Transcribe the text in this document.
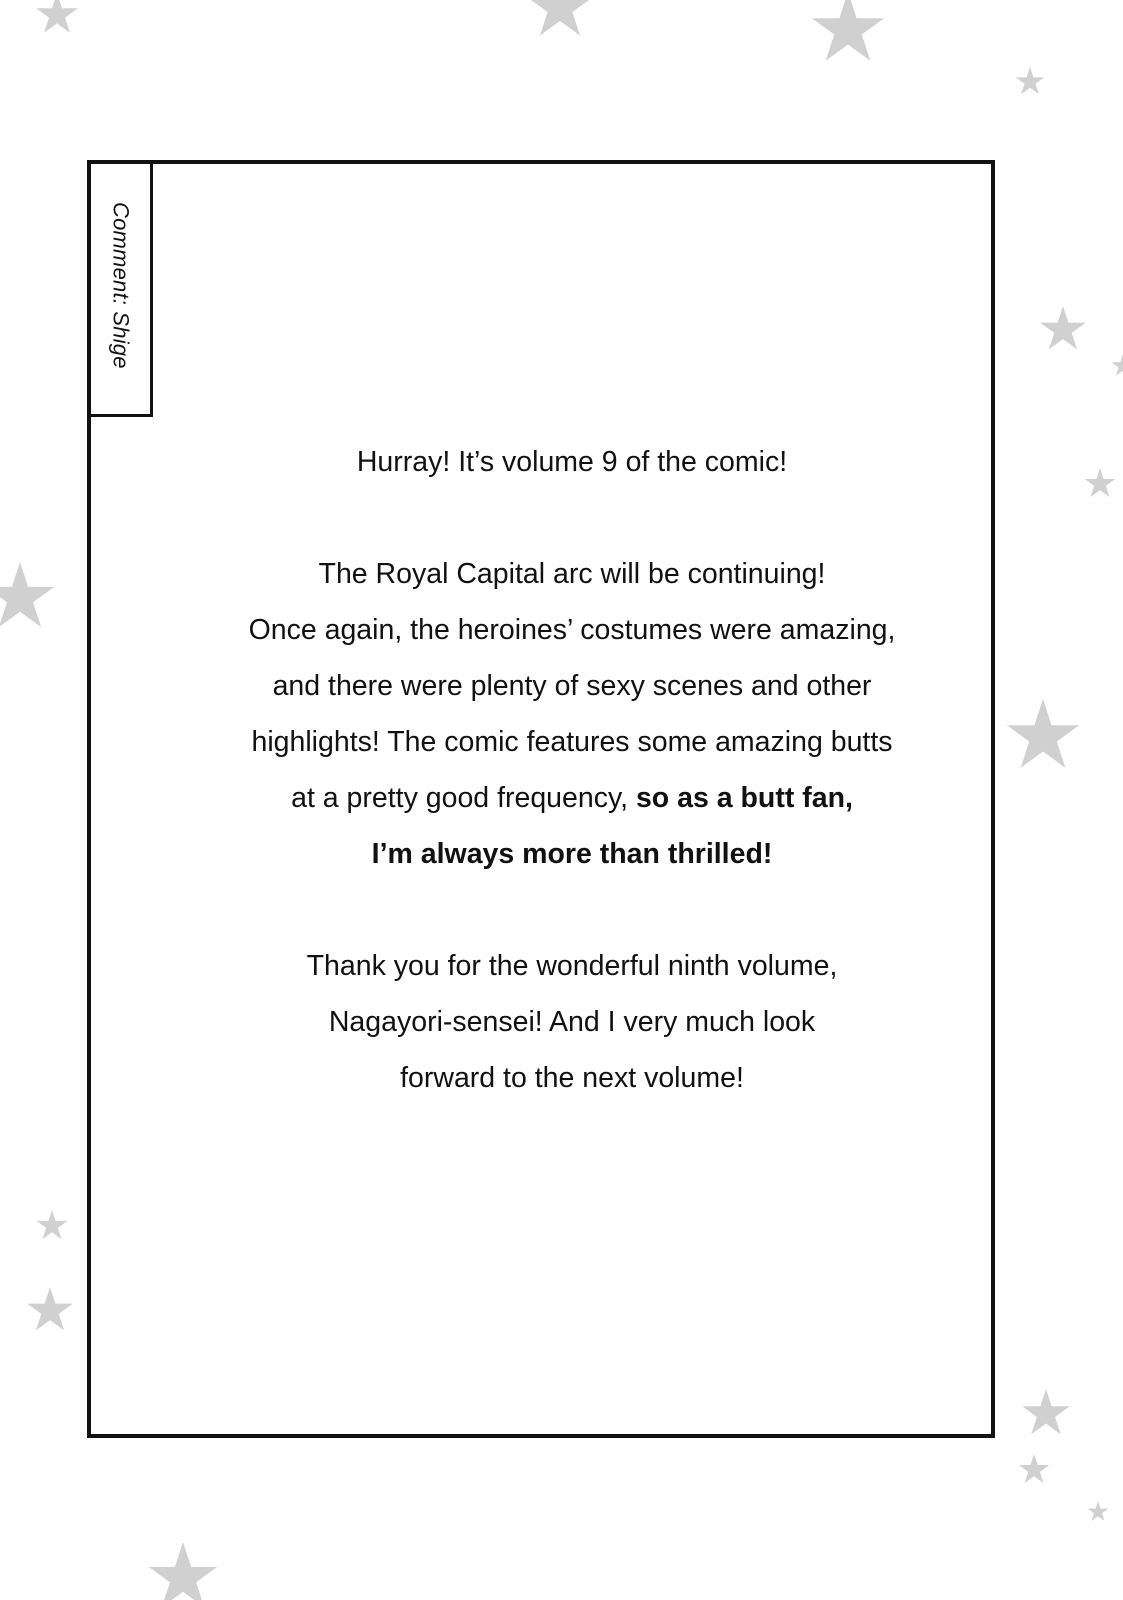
Comment: Shige

Hurray! It’s volume 9 of the comic!

The Royal Capital arc will be continuing!

Once again, the heroines’ costumes were amazing,

and there were plenty of sexy scenes and other

highlights! The comic features some amazing butts

at a pretty good frequency, so as a butt fan,

I’m always more than thrilled!

Thank you for the wonderful ninth volume,

Nagayori-sensei! And I very much look

forward to the next volume!
